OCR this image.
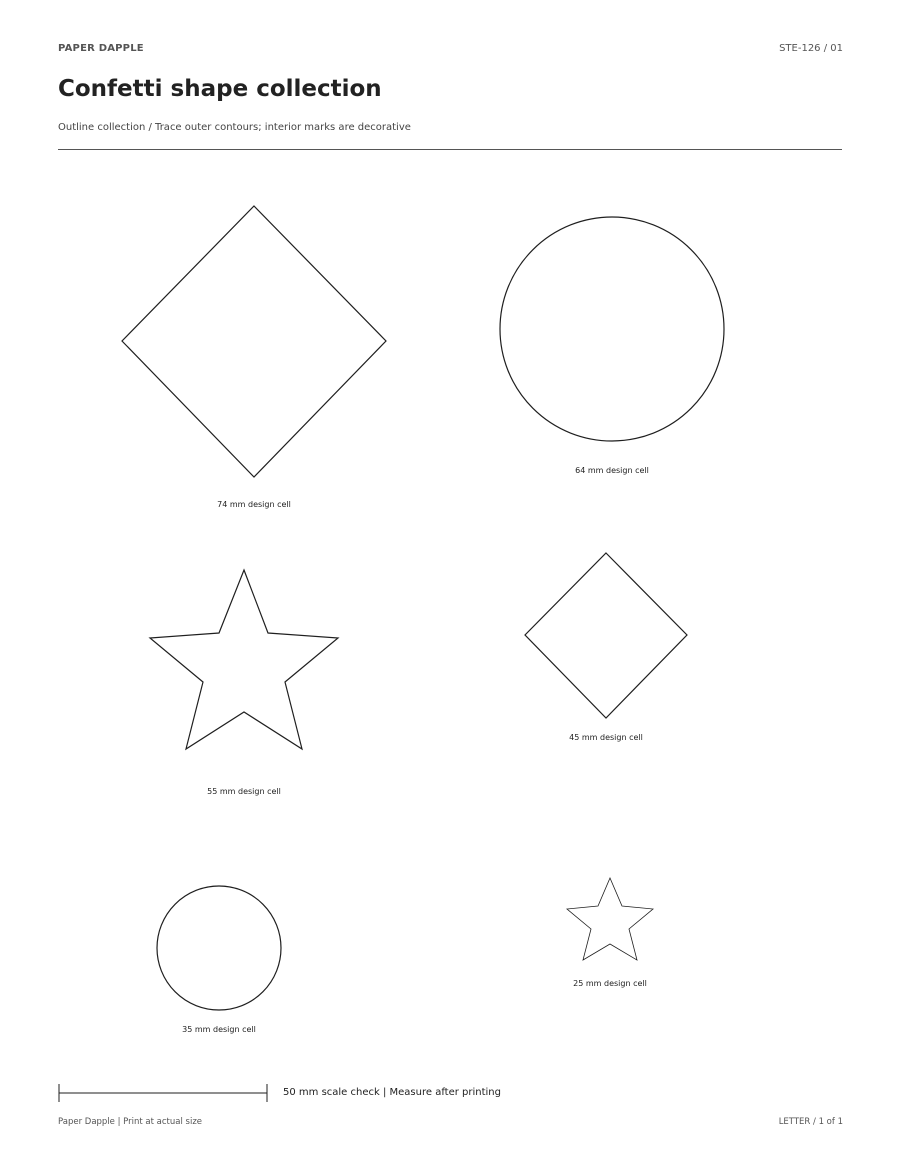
PAPER DAPPLE	STE-126 / 01
Confetti shape collection
Outline collection / Trace outer contours; interior marks are decorative
74 mm design cell
64 mm design cell
55 mm design cell
45 mm design cell
35 mm design cell
25 mm design cell
50 mm scale check | Measure after printing
Paper Dapple | Print at actual size	LETTER / 1 of 1
